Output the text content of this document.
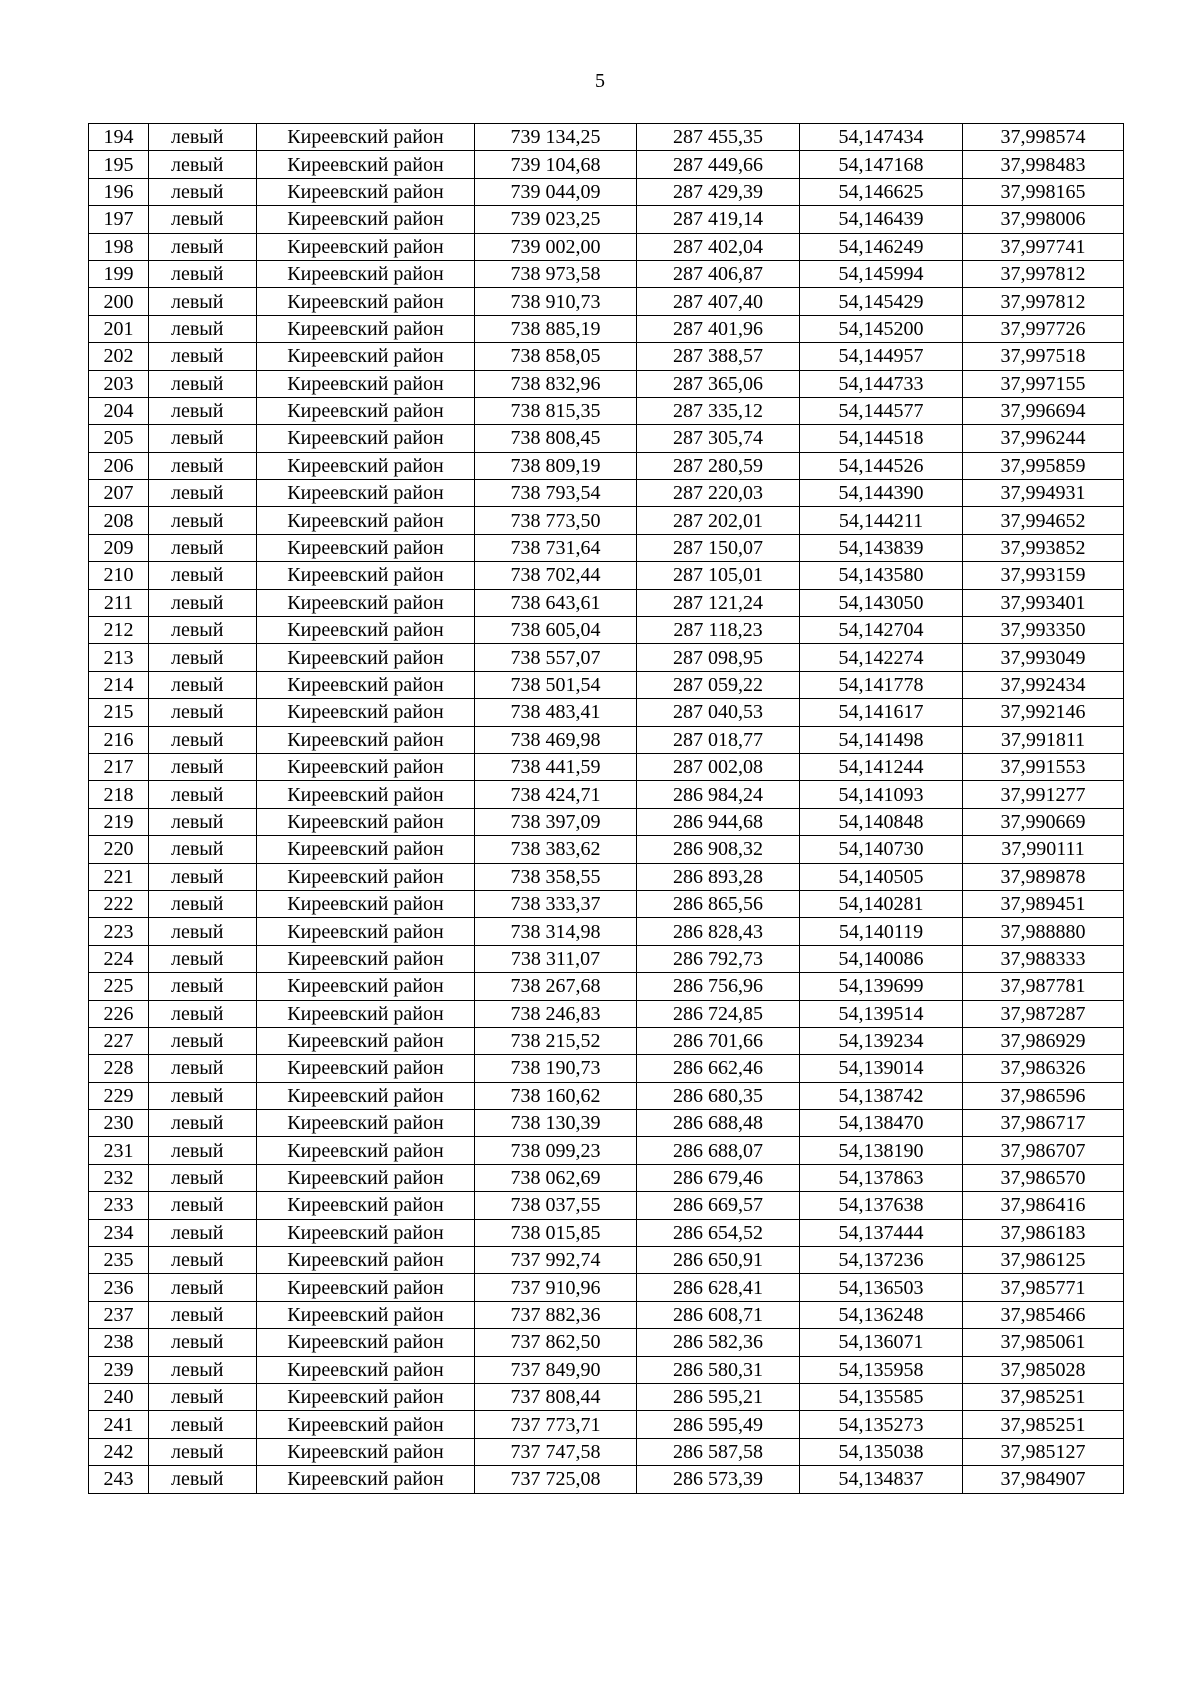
5
194	левый	Киреевский район	739 134,25	287 455,35	54,147434	37,998574
195	левый	Киреевский район	739 104,68	287 449,66	54,147168	37,998483
196	левый	Киреевский район	739 044,09	287 429,39	54,146625	37,998165
197	левый	Киреевский район	739 023,25	287 419,14	54,146439	37,998006
198	левый	Киреевский район	739 002,00	287 402,04	54,146249	37,997741
199	левый	Киреевский район	738 973,58	287 406,87	54,145994	37,997812
200	левый	Киреевский район	738 910,73	287 407,40	54,145429	37,997812
201	левый	Киреевский район	738 885,19	287 401,96	54,145200	37,997726
202	левый	Киреевский район	738 858,05	287 388,57	54,144957	37,997518
203	левый	Киреевский район	738 832,96	287 365,06	54,144733	37,997155
204	левый	Киреевский район	738 815,35	287 335,12	54,144577	37,996694
205	левый	Киреевский район	738 808,45	287 305,74	54,144518	37,996244
206	левый	Киреевский район	738 809,19	287 280,59	54,144526	37,995859
207	левый	Киреевский район	738 793,54	287 220,03	54,144390	37,994931
208	левый	Киреевский район	738 773,50	287 202,01	54,144211	37,994652
209	левый	Киреевский район	738 731,64	287 150,07	54,143839	37,993852
210	левый	Киреевский район	738 702,44	287 105,01	54,143580	37,993159
211	левый	Киреевский район	738 643,61	287 121,24	54,143050	37,993401
212	левый	Киреевский район	738 605,04	287 118,23	54,142704	37,993350
213	левый	Киреевский район	738 557,07	287 098,95	54,142274	37,993049
214	левый	Киреевский район	738 501,54	287 059,22	54,141778	37,992434
215	левый	Киреевский район	738 483,41	287 040,53	54,141617	37,992146
216	левый	Киреевский район	738 469,98	287 018,77	54,141498	37,991811
217	левый	Киреевский район	738 441,59	287 002,08	54,141244	37,991553
218	левый	Киреевский район	738 424,71	286 984,24	54,141093	37,991277
219	левый	Киреевский район	738 397,09	286 944,68	54,140848	37,990669
220	левый	Киреевский район	738 383,62	286 908,32	54,140730	37,990111
221	левый	Киреевский район	738 358,55	286 893,28	54,140505	37,989878
222	левый	Киреевский район	738 333,37	286 865,56	54,140281	37,989451
223	левый	Киреевский район	738 314,98	286 828,43	54,140119	37,988880
224	левый	Киреевский район	738 311,07	286 792,73	54,140086	37,988333
225	левый	Киреевский район	738 267,68	286 756,96	54,139699	37,987781
226	левый	Киреевский район	738 246,83	286 724,85	54,139514	37,987287
227	левый	Киреевский район	738 215,52	286 701,66	54,139234	37,986929
228	левый	Киреевский район	738 190,73	286 662,46	54,139014	37,986326
229	левый	Киреевский район	738 160,62	286 680,35	54,138742	37,986596
230	левый	Киреевский район	738 130,39	286 688,48	54,138470	37,986717
231	левый	Киреевский район	738 099,23	286 688,07	54,138190	37,986707
232	левый	Киреевский район	738 062,69	286 679,46	54,137863	37,986570
233	левый	Киреевский район	738 037,55	286 669,57	54,137638	37,986416
234	левый	Киреевский район	738 015,85	286 654,52	54,137444	37,986183
235	левый	Киреевский район	737 992,74	286 650,91	54,137236	37,986125
236	левый	Киреевский район	737 910,96	286 628,41	54,136503	37,985771
237	левый	Киреевский район	737 882,36	286 608,71	54,136248	37,985466
238	левый	Киреевский район	737 862,50	286 582,36	54,136071	37,985061
239	левый	Киреевский район	737 849,90	286 580,31	54,135958	37,985028
240	левый	Киреевский район	737 808,44	286 595,21	54,135585	37,985251
241	левый	Киреевский район	737 773,71	286 595,49	54,135273	37,985251
242	левый	Киреевский район	737 747,58	286 587,58	54,135038	37,985127
243	левый	Киреевский район	737 725,08	286 573,39	54,134837	37,984907
